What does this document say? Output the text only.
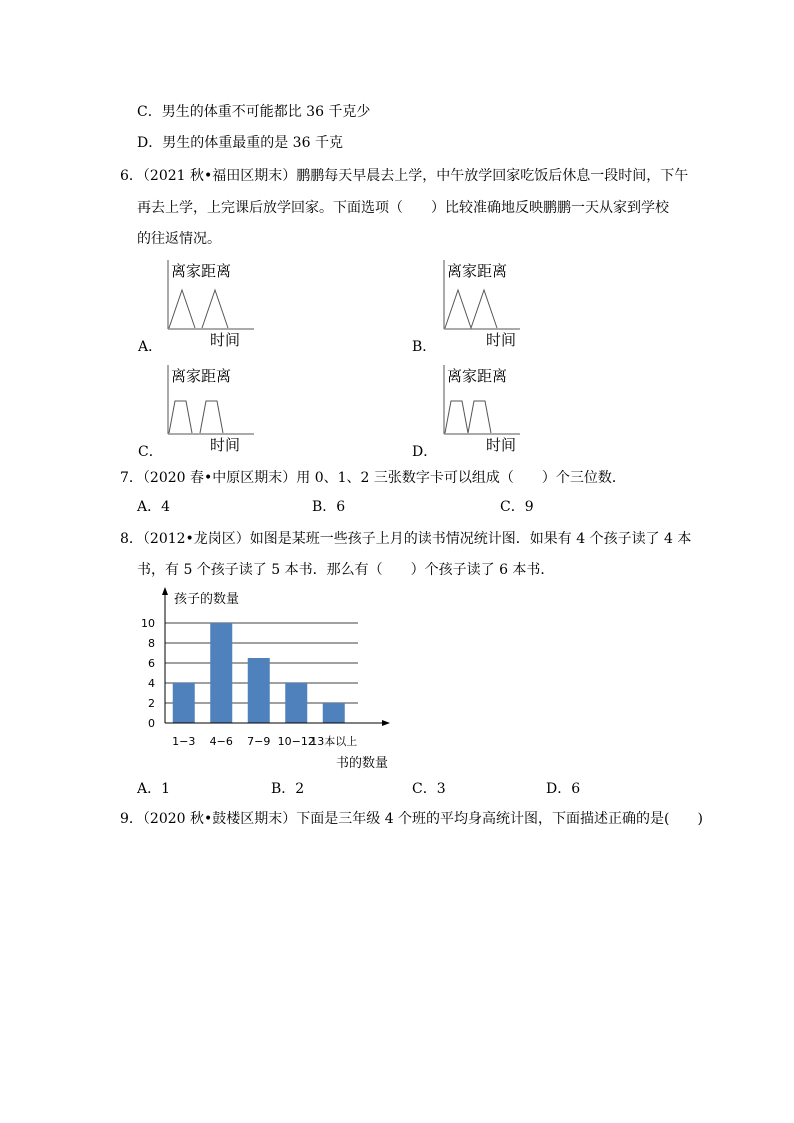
C．男生的体重不可能都比 36 千克少
D．男生的体重最重的是 36 千克
6．（2021 秋•福田区期末）鹏鹏每天早晨去上学，中午放学回家吃饭后休息一段时间，下午
再去上学，上完课后放学回家。下面选项（　　）比较准确地反映鹏鹏一天从家到学校
的往返情况。
A．
离家距离
时间	B．
离家距离
时间
C．
离家距离
时间	D．
离家距离
时间
7．（2020 春•中原区期末）用 0、1、2 三张数字卡可以组成（　　）个三位数．
A．4	B．6	C．9
8．（2012•龙岗区）如图是某班一些孩子上月的读书情况统计图．如果有 4 个孩子读了 4 本
书，有 5 个孩子读了 5 本书．那么有（　　）个孩子读了 6 本书．
0
2
4
6
8
10
1−3 4−6 7−9 10−12
13本以上
孩子的数量
书的数量
A．1	B．2	C．3	D．6
9．（2020 秋•鼓楼区期末）下面是三年级 4 个班的平均身高统计图，下面描述正确的是(　　)
